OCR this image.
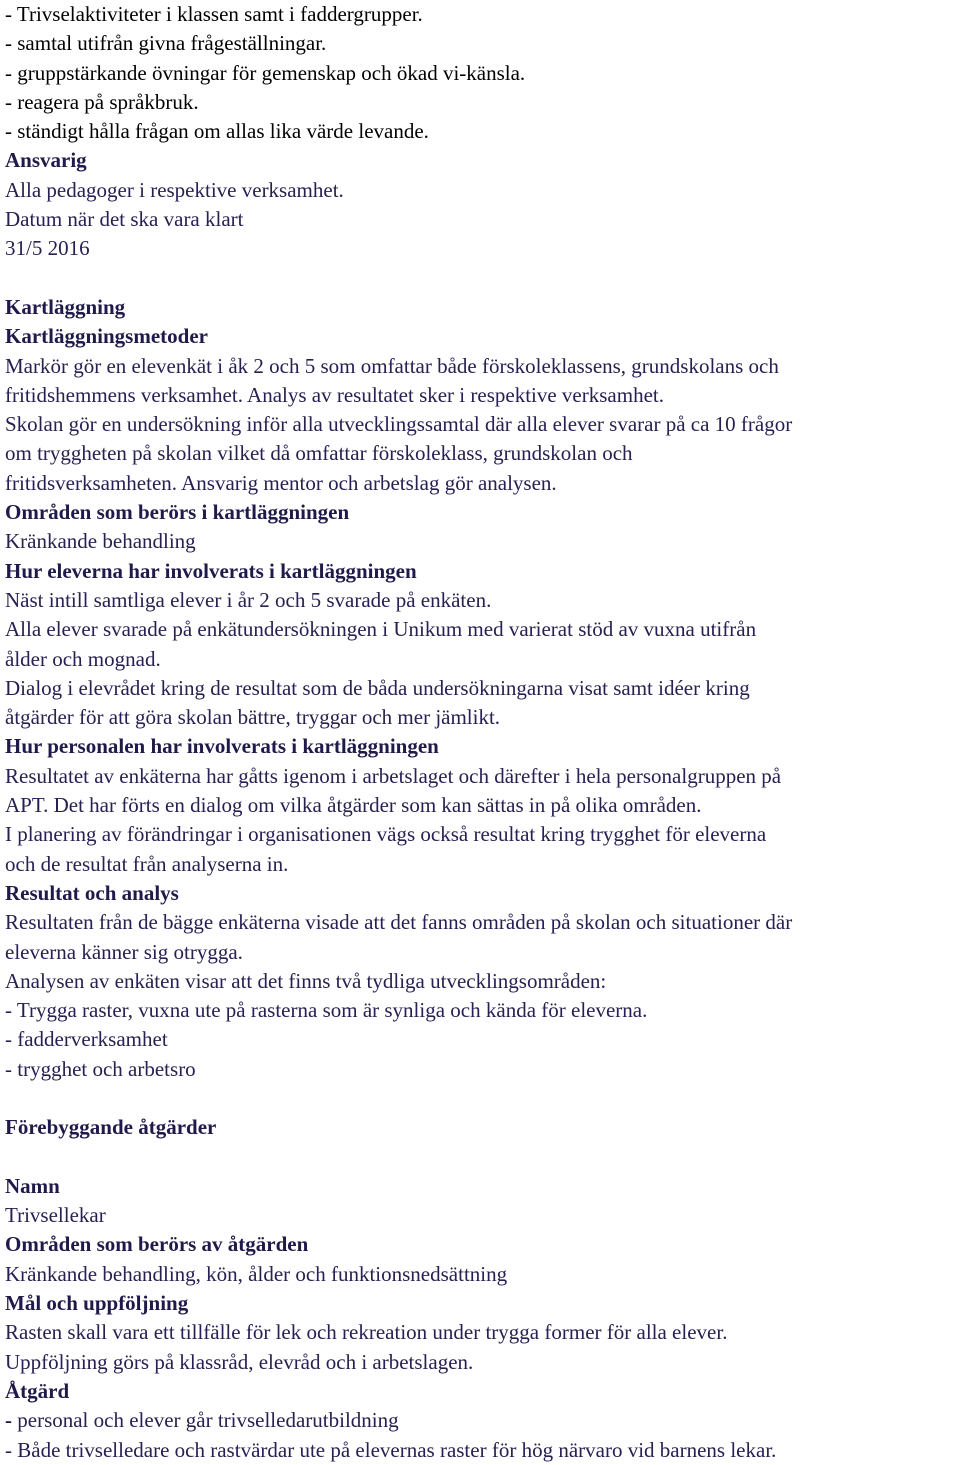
- Trivselaktiviteter i klassen samt i faddergrupper.
- samtal utifrån givna frågeställningar.
- gruppstärkande övningar för gemenskap och ökad vi-känsla.
- reagera på språkbruk.
- ständigt hålla frågan om allas lika värde levande.
Ansvarig
Alla pedagoger i respektive verksamhet.
Datum när det ska vara klart
31/5 2016
Kartläggning
Kartläggningsmetoder
Markör gör en elevenkät i åk 2 och 5 som omfattar både förskoleklassens, grundskolans och
fritidshemmens verksamhet. Analys av resultatet sker i respektive verksamhet.
Skolan gör en undersökning inför alla utvecklingssamtal där alla elever svarar på ca 10 frågor
om tryggheten på skolan vilket då omfattar förskoleklass, grundskolan och
fritidsverksamheten. Ansvarig mentor och arbetslag gör analysen.
Områden som berörs i kartläggningen
Kränkande behandling
Hur eleverna har involverats i kartläggningen
Näst intill samtliga elever i år 2 och 5 svarade på enkäten.
Alla elever svarade på enkätundersökningen i Unikum med varierat stöd av vuxna utifrån
ålder och mognad.
Dialog i elevrådet kring de resultat som de båda undersökningarna visat samt idéer kring
åtgärder för att göra skolan bättre, tryggar och mer jämlikt.
Hur personalen har involverats i kartläggningen
Resultatet av enkäterna har gåtts igenom i arbetslaget och därefter i hela personalgruppen på
APT. Det har förts en dialog om vilka åtgärder som kan sättas in på olika områden.
I planering av förändringar i organisationen vägs också resultat kring trygghet för eleverna
och de resultat från analyserna in.
Resultat och analys
Resultaten från de bägge enkäterna visade att det fanns områden på skolan och situationer där
eleverna känner sig otrygga.
Analysen av enkäten visar att det finns två tydliga utvecklingsområden:
- Trygga raster, vuxna ute på rasterna som är synliga och kända för eleverna.
- fadderverksamhet
- trygghet och arbetsro
Förebyggande åtgärder
Namn
Trivsellekar
Områden som berörs av åtgärden
Kränkande behandling, kön, ålder och funktionsnedsättning
Mål och uppföljning
Rasten skall vara ett tillfälle för lek och rekreation under trygga former för alla elever.
Uppföljning görs på klassråd, elevråd och i arbetslagen.
Åtgärd
- personal och elever går trivselledarutbildning
- Både trivselledare och rastvärdar ute på elevernas raster för hög närvaro vid barnens lekar.
